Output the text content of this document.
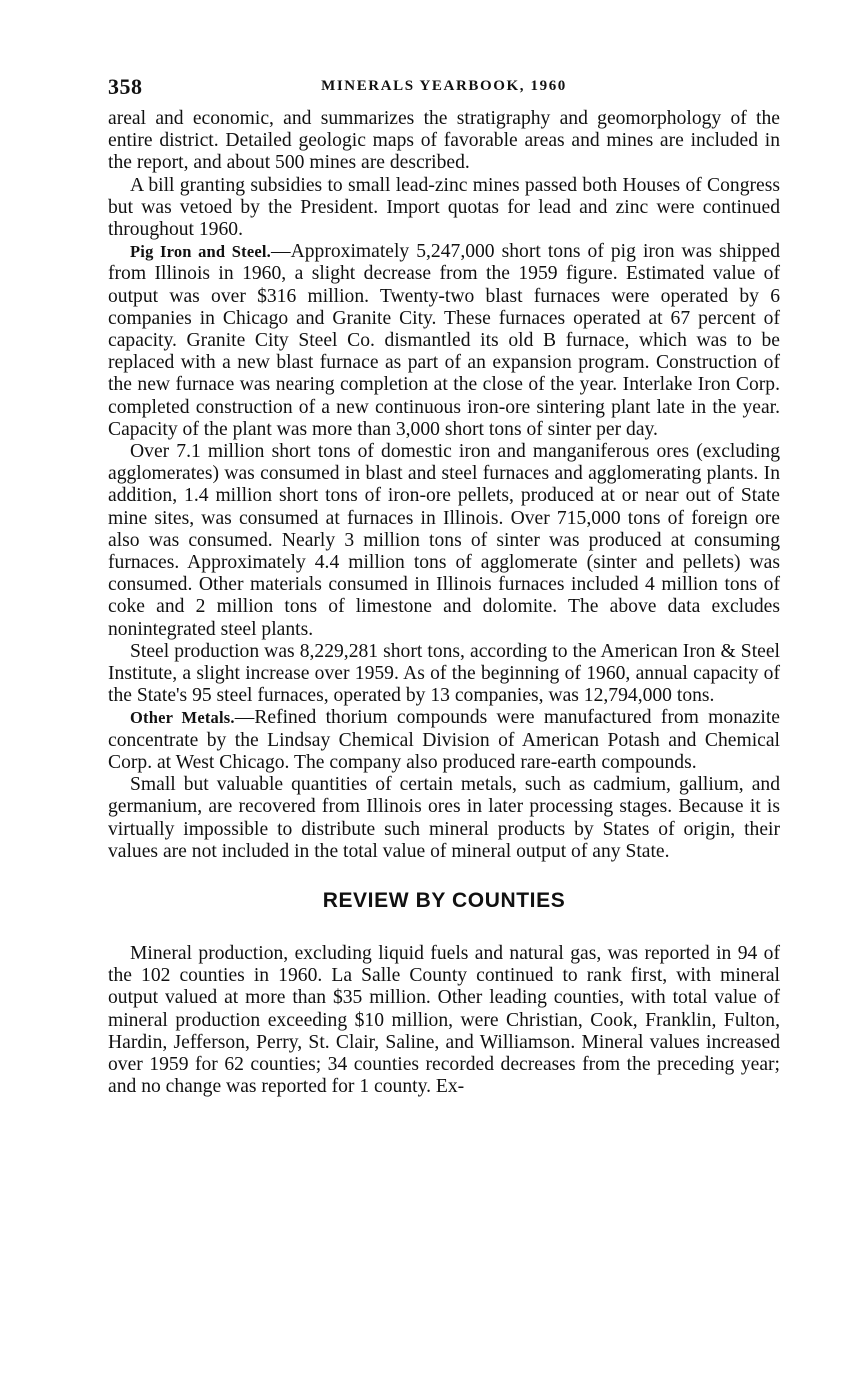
358	MINERALS YEARBOOK, 1960

areal and economic, and summarizes the stratigraphy and geomorphology of the entire district. Detailed geologic maps of favorable areas and mines are included in the report, and about 500 mines are described.

A bill granting subsidies to small lead-zinc mines passed both Houses of Congress but was vetoed by the President. Import quotas for lead and zinc were continued throughout 1960.

Pig Iron and Steel.—Approximately 5,247,000 short tons of pig iron was shipped from Illinois in 1960, a slight decrease from the 1959 figure. Estimated value of output was over $316 million. Twenty-two blast furnaces were operated by 6 companies in Chicago and Granite City. These furnaces operated at 67 percent of capacity. Granite City Steel Co. dismantled its old B furnace, which was to be replaced with a new blast furnace as part of an expansion program. Construction of the new furnace was nearing completion at the close of the year. Interlake Iron Corp. completed construction of a new continuous iron-ore sintering plant late in the year. Capacity of the plant was more than 3,000 short tons of sinter per day.

Over 7.1 million short tons of domestic iron and manganiferous ores (excluding agglomerates) was consumed in blast and steel furnaces and agglomerating plants. In addition, 1.4 million short tons of iron-ore pellets, produced at or near out of State mine sites, was consumed at furnaces in Illinois. Over 715,000 tons of foreign ore also was consumed. Nearly 3 million tons of sinter was produced at consuming furnaces. Approximately 4.4 million tons of agglomerate (sinter and pellets) was consumed. Other materials consumed in Illinois furnaces included 4 million tons of coke and 2 million tons of limestone and dolomite. The above data excludes nonintegrated steel plants.

Steel production was 8,229,281 short tons, according to the American Iron & Steel Institute, a slight increase over 1959. As of the beginning of 1960, annual capacity of the State's 95 steel furnaces, operated by 13 companies, was 12,794,000 tons.

Other Metals.—Refined thorium compounds were manufactured from monazite concentrate by the Lindsay Chemical Division of American Potash and Chemical Corp. at West Chicago. The company also produced rare-earth compounds.

Small but valuable quantities of certain metals, such as cadmium, gallium, and germanium, are recovered from Illinois ores in later processing stages. Because it is virtually impossible to distribute such mineral products by States of origin, their values are not included in the total value of mineral output of any State.

REVIEW BY COUNTIES

Mineral production, excluding liquid fuels and natural gas, was reported in 94 of the 102 counties in 1960. La Salle County continued to rank first, with mineral output valued at more than $35 million. Other leading counties, with total value of mineral production exceeding $10 million, were Christian, Cook, Franklin, Fulton, Hardin, Jefferson, Perry, St. Clair, Saline, and Williamson. Mineral values increased over 1959 for 62 counties; 34 counties recorded decreases from the preceding year; and no change was reported for 1 county. Ex-
